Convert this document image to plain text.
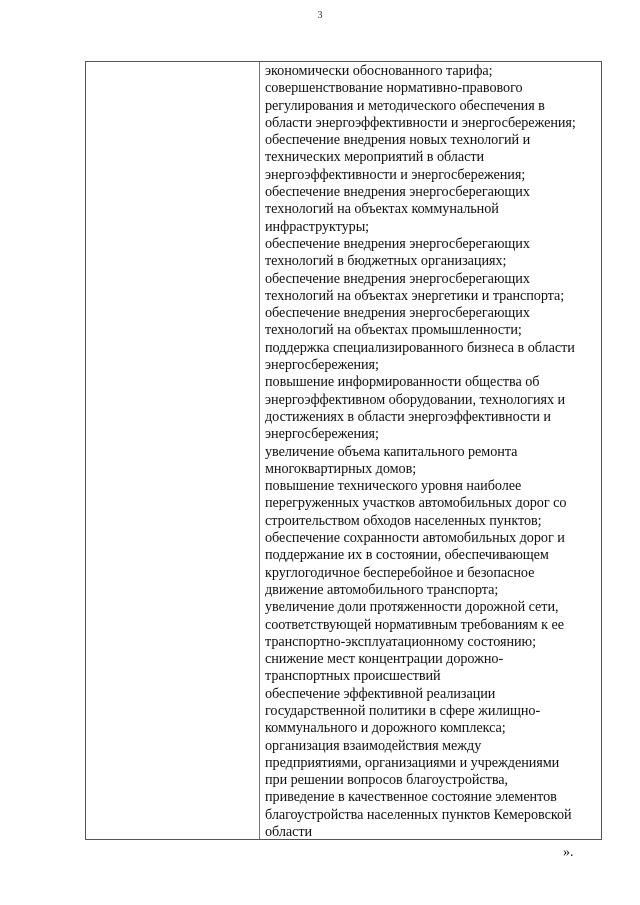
3
экономически обоснованного тарифа;
совершенствование нормативно-правового
регулирования и методического обеспечения в
области энергоэффективности и энергосбережения;
обеспечение внедрения новых технологий и
технических мероприятий в области
энергоэффективности и энергосбережения;
обеспечение внедрения энергосберегающих
технологий на объектах коммунальной
инфраструктуры;
обеспечение внедрения энергосберегающих
технологий в бюджетных организациях;
обеспечение внедрения энергосберегающих
технологий на объектах энергетики и транспорта;
обеспечение внедрения энергосберегающих
технологий на объектах промышленности;
поддержка специализированного бизнеса в области
энергосбережения;
повышение информированности общества об
энергоэффективном оборудовании, технологиях и
достижениях в области энергоэффективности и
энергосбережения;
увеличение объема капитального ремонта
многоквартирных домов;
повышение технического уровня наиболее
перегруженных участков автомобильных дорог со
строительством обходов населенных пунктов;
обеспечение сохранности автомобильных дорог и
поддержание их в состоянии, обеспечивающем
круглогодичное бесперебойное и безопасное
движение автомобильного транспорта;
увеличение доли протяженности дорожной сети,
соответствующей нормативным требованиям к ее
транспортно-эксплуатационному состоянию;
снижение мест концентрации дорожно-
транспортных происшествий
обеспечение эффективной реализации
государственной политики в сфере жилищно-
коммунального и дорожного комплекса;
организация взаимодействия между
предприятиями, организациями и учреждениями
при решении вопросов благоустройства,
приведение в качественное состояние элементов
благоустройства населенных пунктов Кемеровской
области
».
